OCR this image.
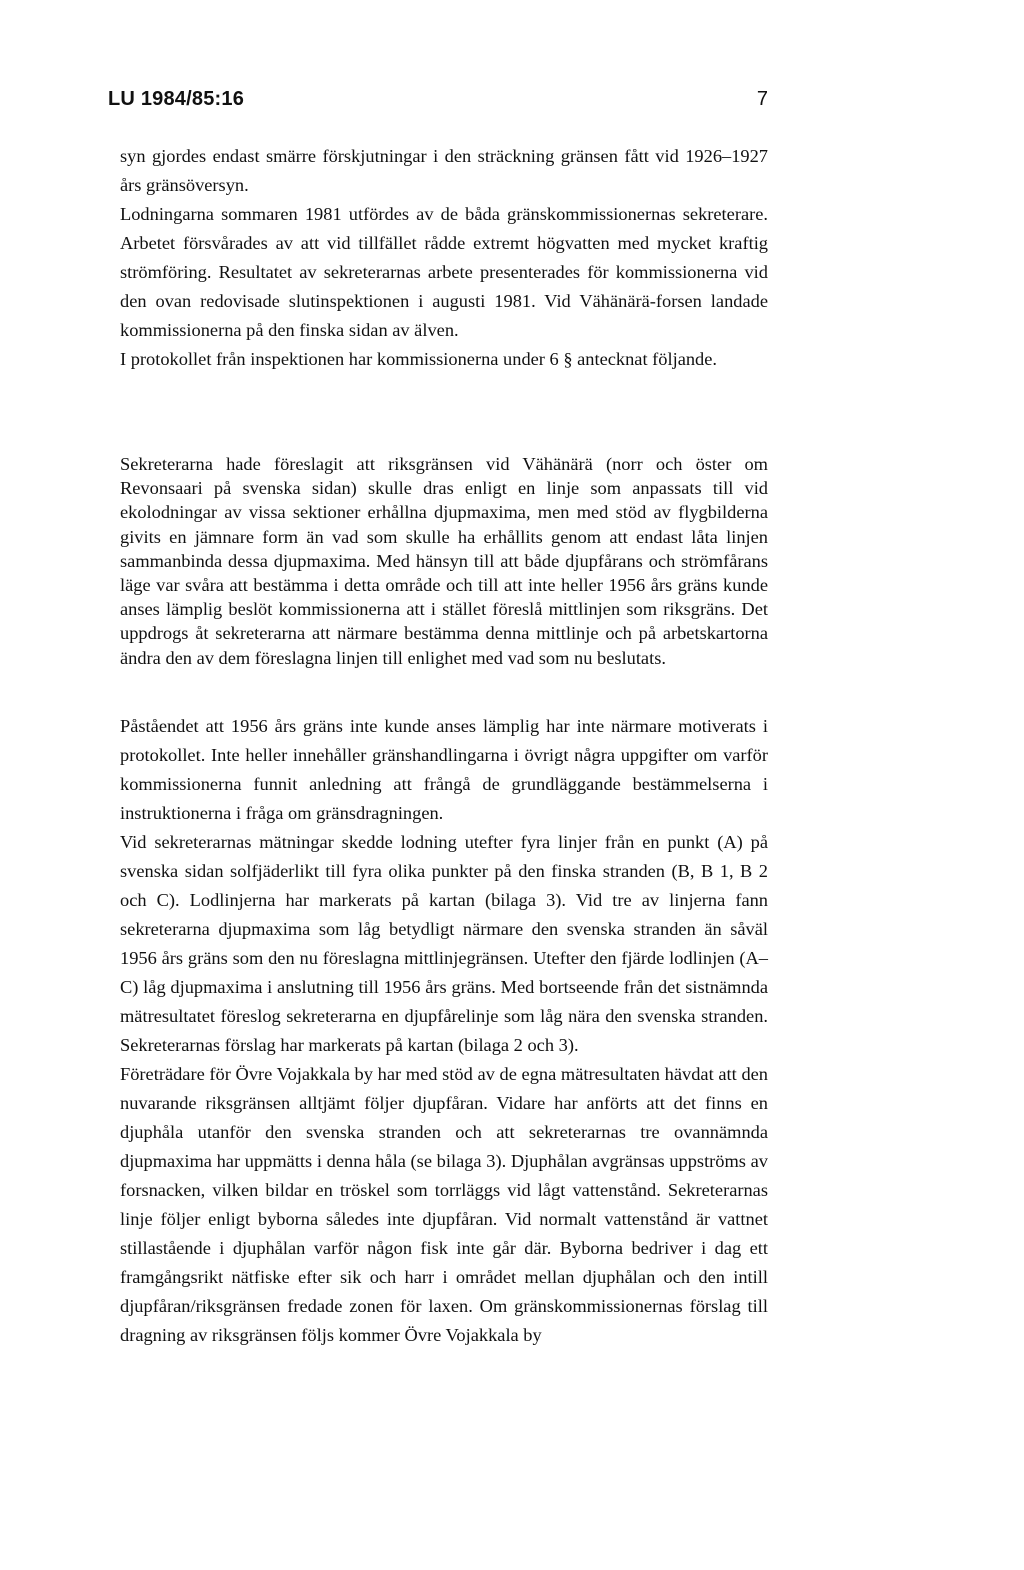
LU 1984/85:16	7

syn gjordes endast smärre förskjutningar i den sträckning gränsen fått vid 1926–1927 års gränsöversyn.

Lodningarna sommaren 1981 utfördes av de båda gränskommissionernas sekreterare. Arbetet försvårades av att vid tillfället rådde extremt högvatten med mycket kraftig strömföring. Resultatet av sekreterarnas arbete presenterades för kommissionerna vid den ovan redovisade slutinspektionen i augusti 1981. Vid Vähänärä-forsen landade kommissionerna på den finska sidan av älven.

I protokollet från inspektionen har kommissionerna under 6 § antecknat följande.

Sekreterarna hade föreslagit att riksgränsen vid Vähänärä (norr och öster om Revonsaari på svenska sidan) skulle dras enligt en linje som anpassats till vid ekolodningar av vissa sektioner erhållna djupmaxima, men med stöd av flygbilderna givits en jämnare form än vad som skulle ha erhållits genom att endast låta linjen sammanbinda dessa djupmaxima. Med hänsyn till att både djupfårans och strömfårans läge var svåra att bestämma i detta område och till att inte heller 1956 års gräns kunde anses lämplig beslöt kommissionerna att i stället föreslå mittlinjen som riksgräns. Det uppdrogs åt sekreterarna att närmare bestämma denna mittlinje och på arbetskartorna ändra den av dem föreslagna linjen till enlighet med vad som nu beslutats.

Påståendet att 1956 års gräns inte kunde anses lämplig har inte närmare motiverats i protokollet. Inte heller innehåller gränshandlingarna i övrigt några uppgifter om varför kommissionerna funnit anledning att frångå de grundläggande bestämmelserna i instruktionerna i fråga om gränsdragningen.

Vid sekreterarnas mätningar skedde lodning utefter fyra linjer från en punkt (A) på svenska sidan solfjäderlikt till fyra olika punkter på den finska stranden (B, B 1, B 2 och C). Lodlinjerna har markerats på kartan (bilaga 3). Vid tre av linjerna fann sekreterarna djupmaxima som låg betydligt närmare den svenska stranden än såväl 1956 års gräns som den nu föreslagna mittlinjegränsen. Utefter den fjärde lodlinjen (A–C) låg djupmaxima i anslutning till 1956 års gräns. Med bortseende från det sistnämnda mätresultatet föreslog sekreterarna en djupfårelinje som låg nära den svenska stranden. Sekreterarnas förslag har markerats på kartan (bilaga 2 och 3).

Företrädare för Övre Vojakkala by har med stöd av de egna mätresultaten hävdat att den nuvarande riksgränsen alltjämt följer djupfåran. Vidare har anförts att det finns en djuphåla utanför den svenska stranden och att sekreterarnas tre ovannämnda djupmaxima har uppmätts i denna håla (se bilaga 3). Djuphålan avgränsas uppströms av forsnacken, vilken bildar en tröskel som torrläggs vid lågt vattenstånd. Sekreterarnas linje följer enligt byborna således inte djupfåran. Vid normalt vattenstånd är vattnet stillastående i djuphålan varför någon fisk inte går där. Byborna bedriver i dag ett framgångsrikt nätfiske efter sik och harr i området mellan djuphålan och den intill djupfåran/riksgränsen fredade zonen för laxen. Om gränskommissionernas förslag till dragning av riksgränsen följs kommer Övre Vojakkala by
